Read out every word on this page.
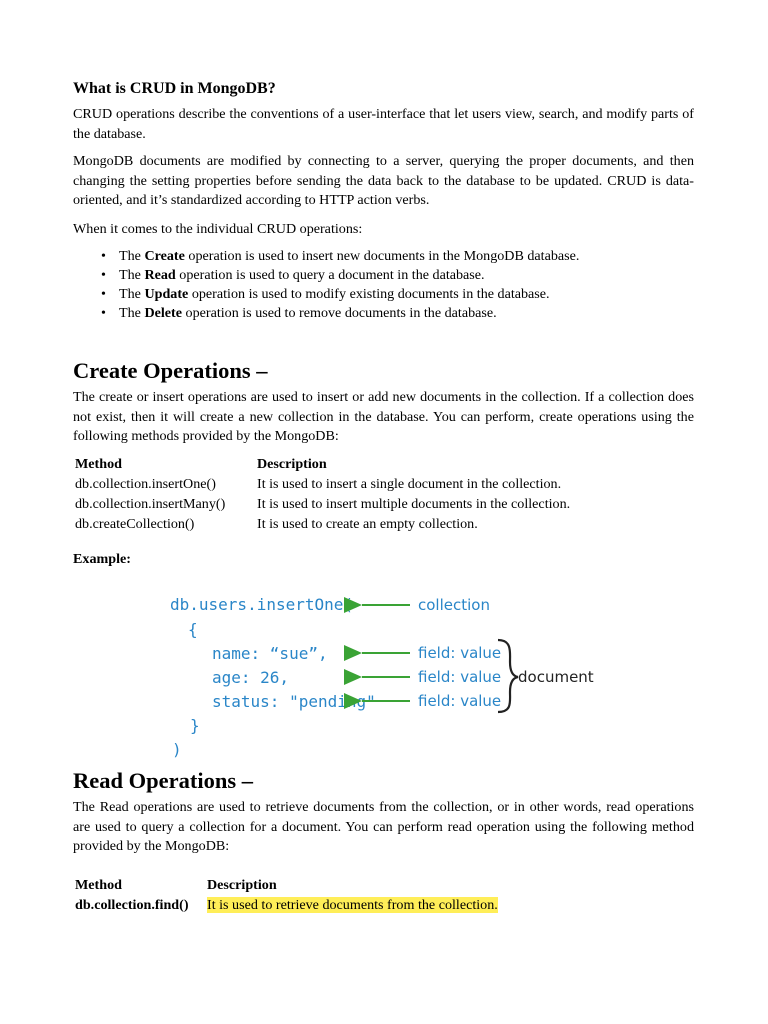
What is CRUD in MongoDB?

CRUD operations describe the conventions of a user-interface that let users view, search, and modify parts of the database.

MongoDB documents are modified by connecting to a server, querying the proper documents, and then changing the setting properties before sending the data back to the database to be updated. CRUD is data-oriented, and it’s standardized according to HTTP action verbs.

When it comes to the individual CRUD operations:

• The Create operation is used to insert new documents in the MongoDB database.
• The Read operation is used to query a document in the database.
• The Update operation is used to modify existing documents in the database.
• The Delete operation is used to remove documents in the database.
Create Operations –

The create or insert operations are used to insert or add new documents in the collection. If a collection does not exist, then it will create a new collection in the database. You can perform, create operations using the following methods provided by the MongoDB:

Method	Description
db.collection.insertOne()	It is used to insert a single document in the collection.
db.collection.insertMany()	It is used to insert multiple documents in the collection.
db.createCollection()	It is used to create an empty collection.
Example:
db.users.insertOne(
{
name: “sue”,
age: 26,
status: "pending"
}
)
collection
field: value
field: value
field: value
document
Read Operations –

The Read operations are used to retrieve documents from the collection, or in other words, read operations are used to query a collection for a document. You can perform read operation using the following method provided by the MongoDB:

Method	Description
db.collection.find()	It is used to retrieve documents from the collection.
